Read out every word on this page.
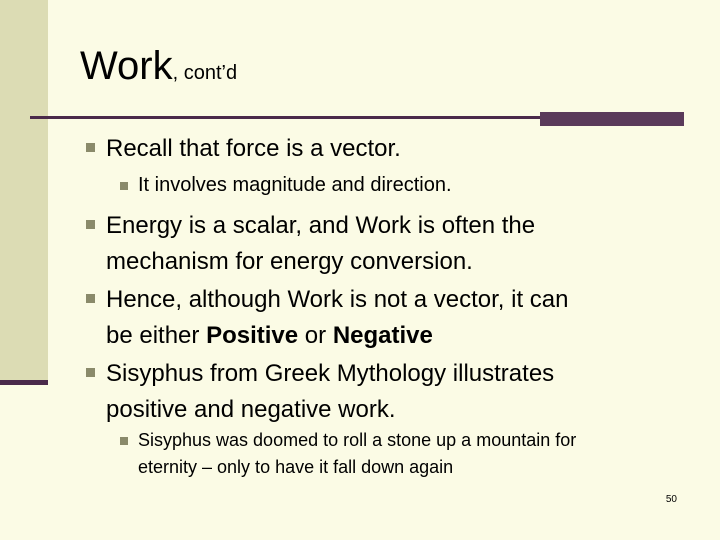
Work, cont’d
Recall that force is a vector.
It involves magnitude and direction.
Energy is a scalar, and Work is often the
mechanism for energy conversion.
Hence, although Work is not a vector, it can
be either Positive or Negative
Sisyphus from Greek Mythology illustrates
positive and negative work.
Sisyphus was doomed to roll a stone up a mountain for
eternity – only to have it fall down again
50
